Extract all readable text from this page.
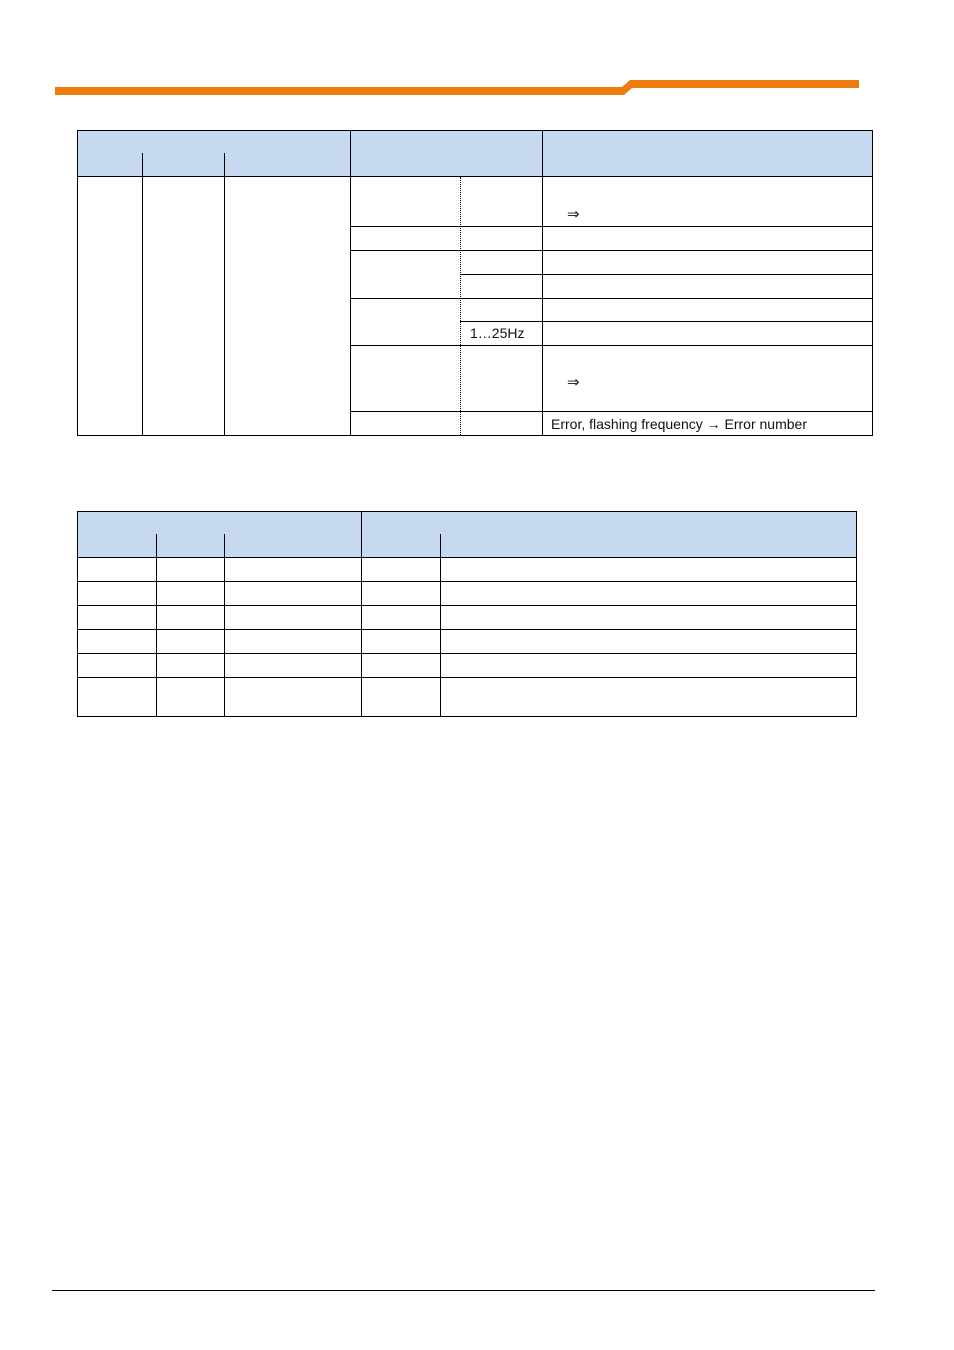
⇒
1…25Hz
⇒
Error, flashing frequency → Error number
